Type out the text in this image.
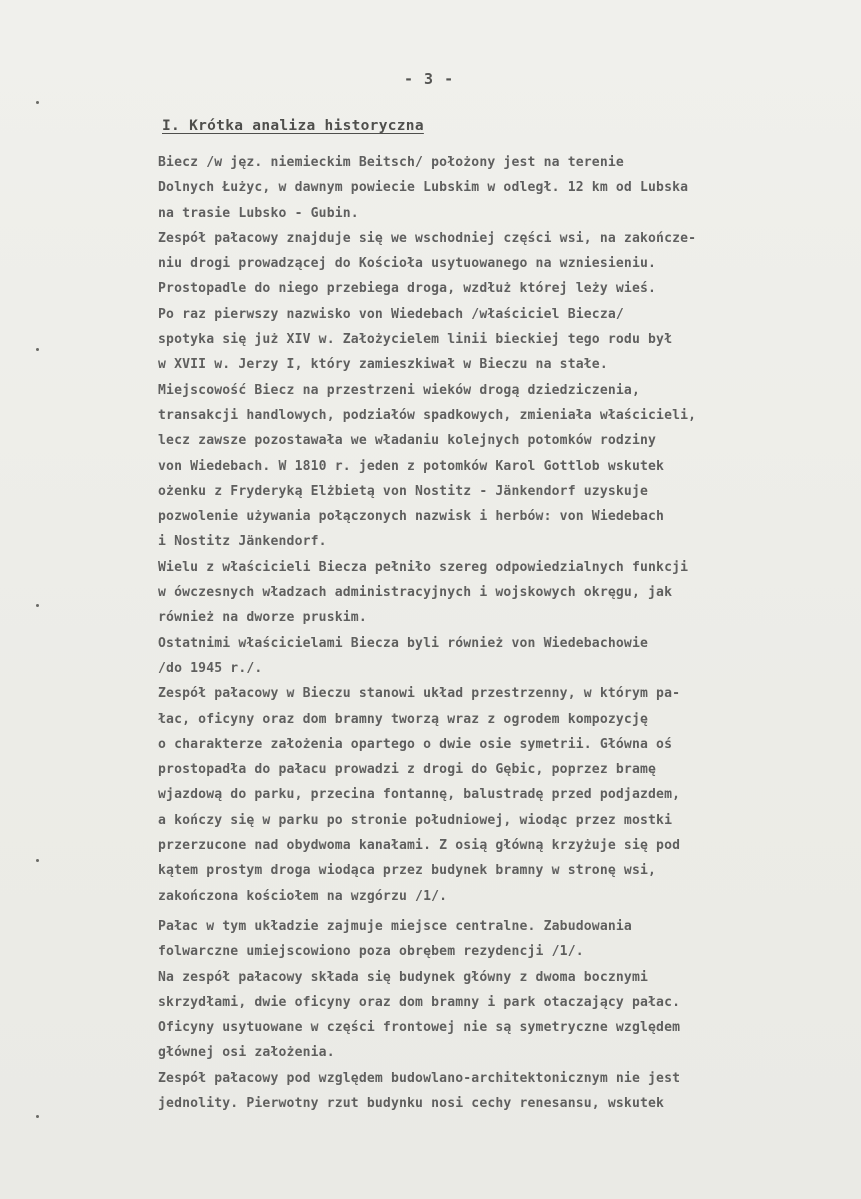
- 3 -
I. Krótka analiza historyczna
Biecz /w jęz. niemieckim Beitsch/ położony jest na terenie
Dolnych Łużyc, w dawnym powiecie Lubskim w odległ. 12 km od Lubska
na trasie Lubsko - Gubin.
Zespół pałacowy znajduje się we wschodniej części wsi, na zakończe-
niu drogi prowadzącej do Kościoła usytuowanego na wzniesieniu.
Prostopadle do niego przebiega droga, wzdłuż której leży wieś.
Po raz pierwszy nazwisko von Wiedebach /właściciel Biecza/
spotyka się już XIV w. Założycielem linii bieckiej tego rodu był
w XVII w. Jerzy I, który zamieszkiwał w Bieczu na stałe.
Miejscowość Biecz na przestrzeni wieków drogą dziedziczenia,
transakcji handlowych, podziałów spadkowych, zmieniała właścicieli,
lecz zawsze pozostawała we władaniu kolejnych potomków rodziny
von Wiedebach. W 1810 r. jeden z potomków Karol Gottlob wskutek
ożenku z Fryderyką Elżbietą von Nostitz - Jänkendorf uzyskuje
pozwolenie używania połączonych nazwisk i herbów: von Wiedebach
i Nostitz Jänkendorf.
Wielu z właścicieli Biecza pełniło szereg odpowiedzialnych funkcji
w ówczesnych władzach administracyjnych i wojskowych okręgu, jak
również na dworze pruskim.
Ostatnimi właścicielami Biecza byli również von Wiedebachowie
/do 1945 r./.
Zespół pałacowy w Bieczu stanowi układ przestrzenny, w którym pa-
łac, oficyny oraz dom bramny tworzą wraz z ogrodem kompozycję
o charakterze założenia opartego o dwie osie symetrii. Główna oś
prostopadła do pałacu prowadzi z drogi do Gębic, poprzez bramę
wjazdową do parku, przecina fontannę, balustradę przed podjazdem,
a kończy się w parku po stronie południowej, wiodąc przez mostki
przerzucone nad obydwoma kanałami. Z osią główną krzyżuje się pod
kątem prostym droga wiodąca przez budynek bramny w stronę wsi,
zakończona kościołem na wzgórzu /1/.
Pałac w tym układzie zajmuje miejsce centralne. Zabudowania
folwarczne umiejscowiono poza obrębem rezydencji /1/.
Na zespół pałacowy składa się budynek główny z dwoma bocznymi
skrzydłami, dwie oficyny oraz dom bramny i park otaczający pałac.
Oficyny usytuowane w części frontowej nie są symetryczne względem
głównej osi założenia.
Zespół pałacowy pod względem budowlano-architektonicznym nie jest
jednolity. Pierwotny rzut budynku nosi cechy renesansu, wskutek
